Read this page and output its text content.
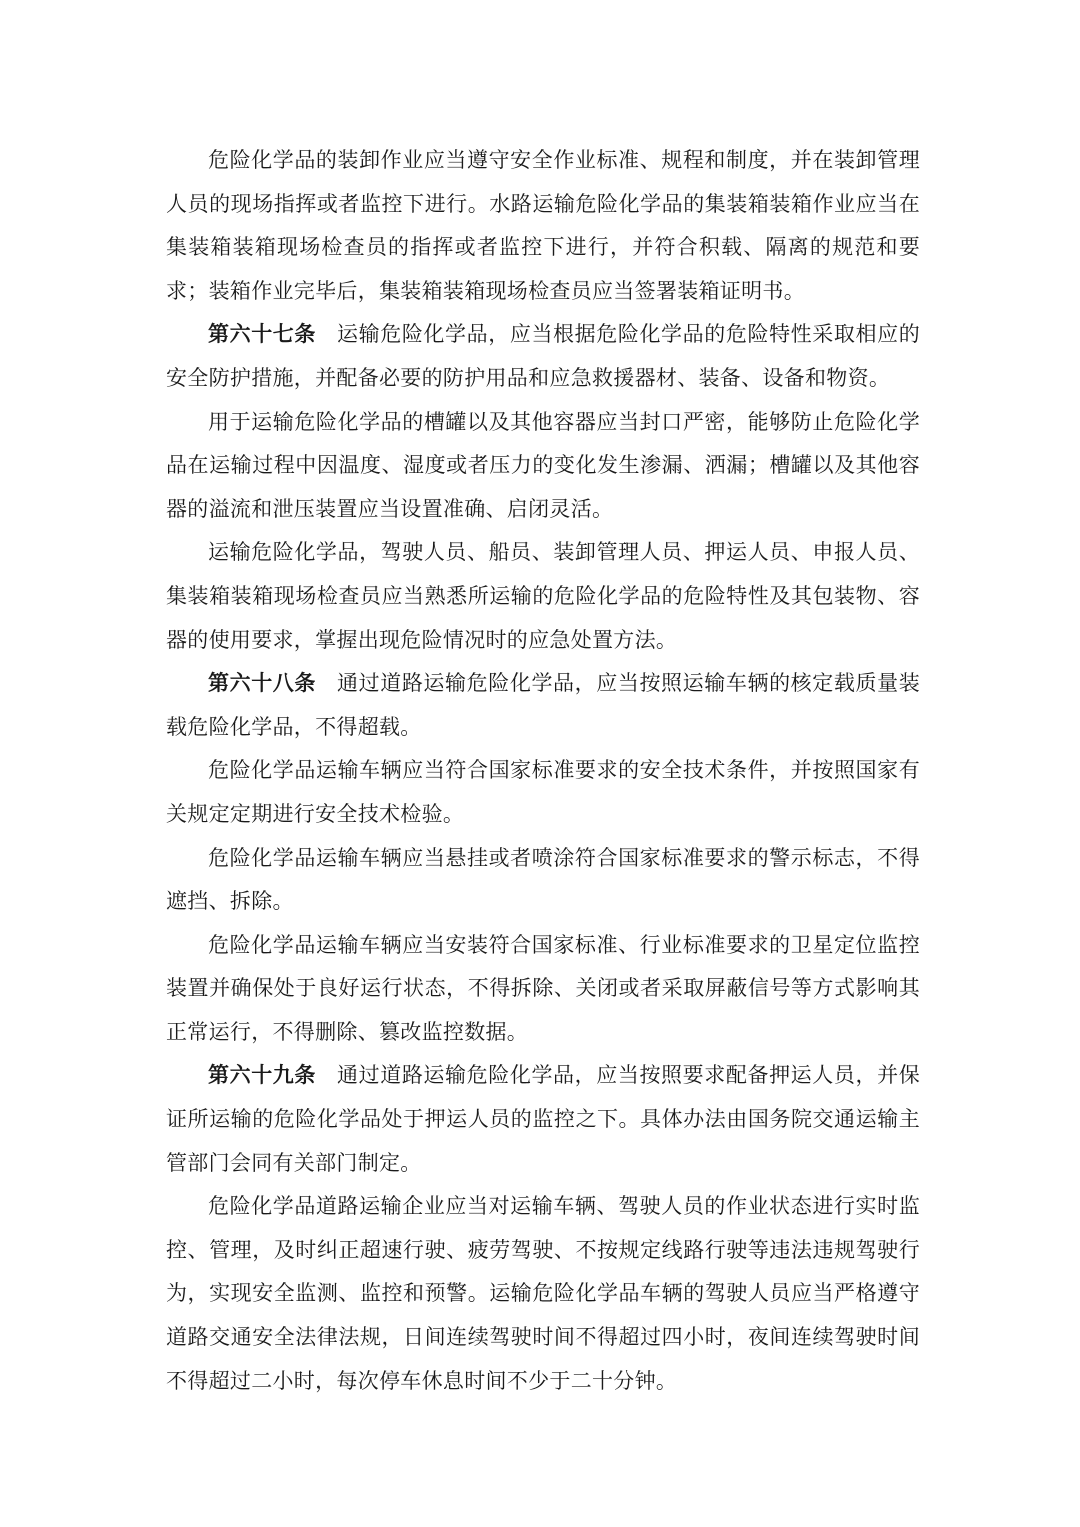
危险化学品的装卸作业应当遵守安全作业标准、规程和制度，并在装卸管理人员的现场指挥或者监控下进行。水路运输危险化学品的集装箱装箱作业应当在集装箱装箱现场检查员的指挥或者监控下进行，并符合积载、隔离的规范和要求；装箱作业完毕后，集装箱装箱现场检查员应当签署装箱证明书。

第六十七条 运输危险化学品，应当根据危险化学品的危险特性采取相应的安全防护措施，并配备必要的防护用品和应急救援器材、装备、设备和物资。

用于运输危险化学品的槽罐以及其他容器应当封口严密，能够防止危险化学品在运输过程中因温度、湿度或者压力的变化发生渗漏、洒漏；槽罐以及其他容器的溢流和泄压装置应当设置准确、启闭灵活。

运输危险化学品，驾驶人员、船员、装卸管理人员、押运人员、申报人员、集装箱装箱现场检查员应当熟悉所运输的危险化学品的危险特性及其包装物、容器的使用要求，掌握出现危险情况时的应急处置方法。

第六十八条 通过道路运输危险化学品，应当按照运输车辆的核定载质量装载危险化学品，不得超载。

危险化学品运输车辆应当符合国家标准要求的安全技术条件，并按照国家有关规定定期进行安全技术检验。

危险化学品运输车辆应当悬挂或者喷涂符合国家标准要求的警示标志，不得遮挡、拆除。

危险化学品运输车辆应当安装符合国家标准、行业标准要求的卫星定位监控装置并确保处于良好运行状态，不得拆除、关闭或者采取屏蔽信号等方式影响其正常运行，不得删除、篡改监控数据。

第六十九条 通过道路运输危险化学品，应当按照要求配备押运人员，并保证所运输的危险化学品处于押运人员的监控之下。具体办法由国务院交通运输主管部门会同有关部门制定。

危险化学品道路运输企业应当对运输车辆、驾驶人员的作业状态进行实时监控、管理，及时纠正超速行驶、疲劳驾驶、不按规定线路行驶等违法违规驾驶行为，实现安全监测、监控和预警。运输危险化学品车辆的驾驶人员应当严格遵守道路交通安全法律法规，日间连续驾驶时间不得超过四小时，夜间连续驾驶时间不得超过二小时，每次停车休息时间不少于二十分钟。
